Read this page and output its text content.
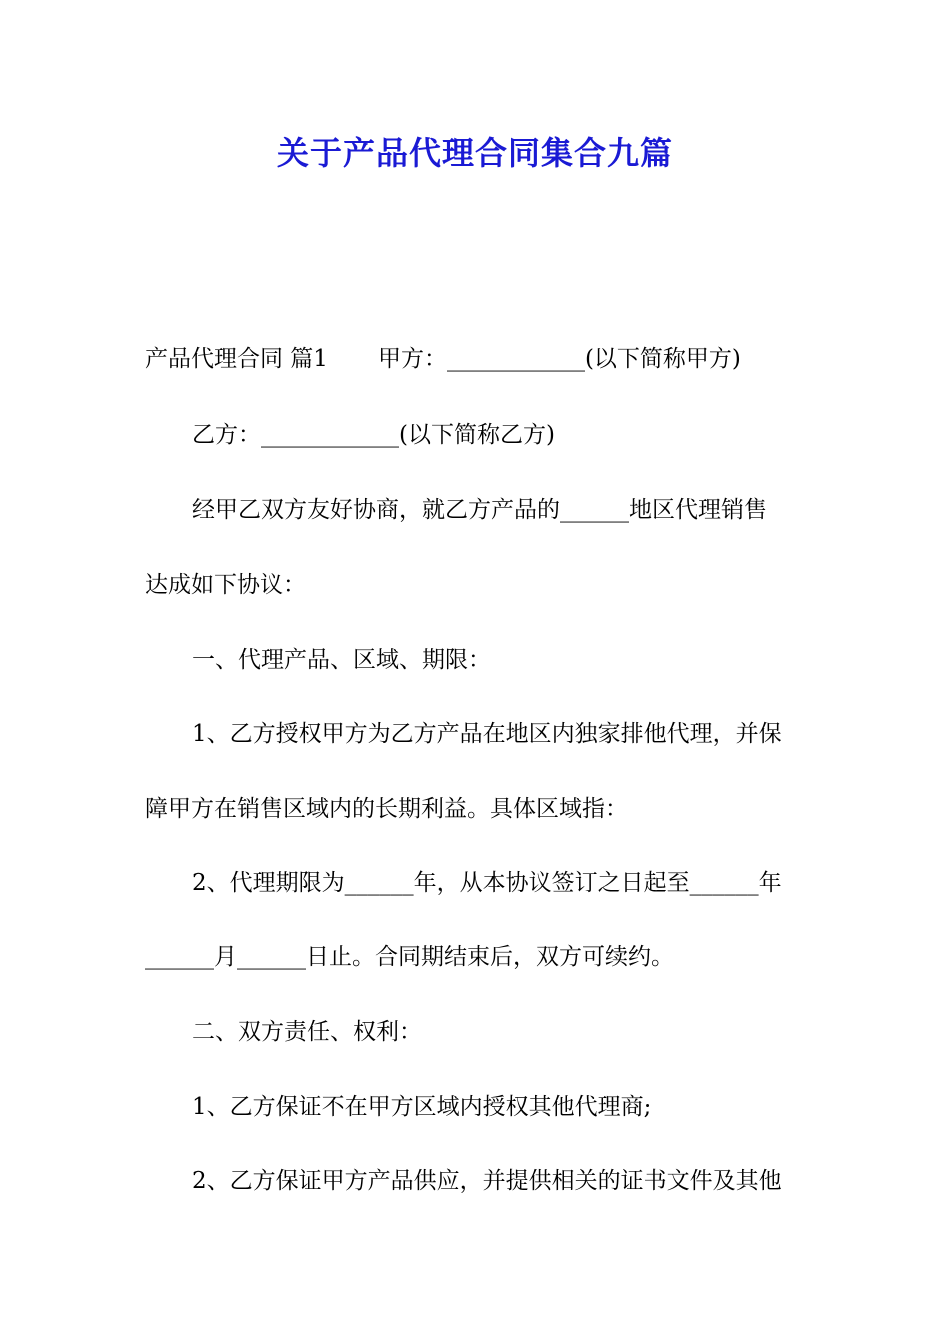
关于产品代理合同集合九篇

产品代理合同 篇1 甲方：____________(以下简称甲方)

乙方：____________(以下简称乙方)

经甲乙双方友好协商，就乙方产品的______地区代理销售

达成如下协议：

一、代理产品、区域、期限：

1、乙方授权甲方为乙方产品在地区内独家排他代理，并保

障甲方在销售区域内的长期利益。具体区域指：

2、代理期限为______年，从本协议签订之日起至______年

______月______日止。合同期结束后，双方可续约。

二、双方责任、权利：

1、乙方保证不在甲方区域内授权其他代理商;

2、乙方保证甲方产品供应，并提供相关的证书文件及其他
